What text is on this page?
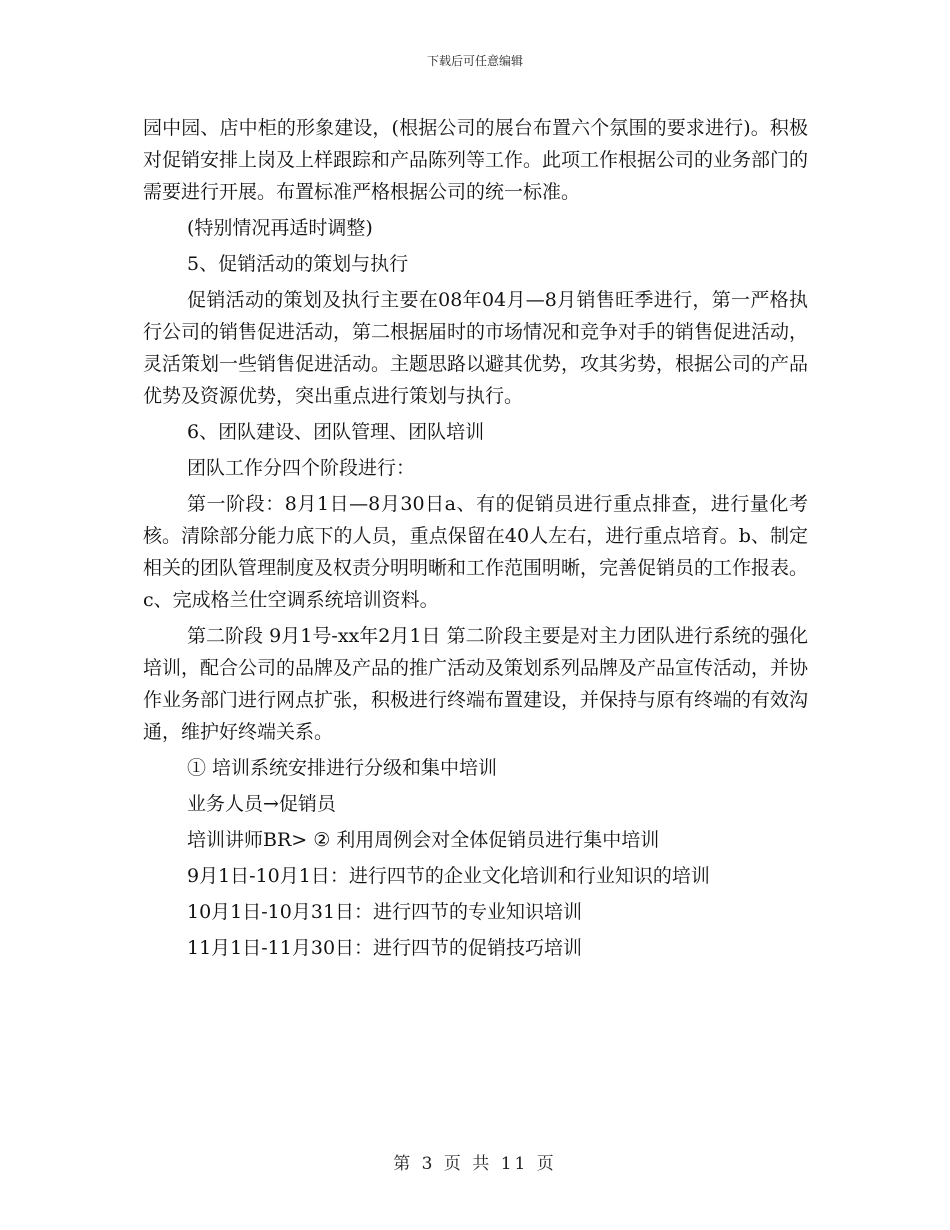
下载后可任意编辑

园中园、店中柜的形象建设，(根据公司的展台布置六个氛围的要求进行)。积极对促销安排上岗及上样跟踪和产品陈列等工作。此项工作根据公司的业务部门的需要进行开展。布置标准严格根据公司的统一标准。

(特别情况再适时调整)

5、促销活动的策划与执行

促销活动的策划及执行主要在08年04月—8月销售旺季进行，第一严格执行公司的销售促进活动，第二根据届时的市场情况和竞争对手的销售促进活动，灵活策划一些销售促进活动。主题思路以避其优势，攻其劣势，根据公司的产品优势及资源优势，突出重点进行策划与执行。

6、团队建设、团队管理、团队培训

团队工作分四个阶段进行：

第一阶段：8月1日—8月30日a、有的促销员进行重点排查，进行量化考核。清除部分能力底下的人员，重点保留在40人左右，进行重点培育。b、制定相关的团队管理制度及权责分明明晰和工作范围明晰，完善促销员的工作报表。c、完成格兰仕空调系统培训资料。

第二阶段 9月1号-xx年2月1日 第二阶段主要是对主力团队进行系统的强化培训，配合公司的品牌及产品的推广活动及策划系列品牌及产品宣传活动，并协作业务部门进行网点扩张，积极进行终端布置建设，并保持与原有终端的有效沟通，维护好终端关系。

① 培训系统安排进行分级和集中培训

业务人员→促销员

培训讲师BR> ② 利用周例会对全体促销员进行集中培训

9月1日-10月1日：进行四节的企业文化培训和行业知识的培训

10月1日-10月31日：进行四节的专业知识培训

11月1日-11月30日：进行四节的促销技巧培训

第 3 页 共 11 页
